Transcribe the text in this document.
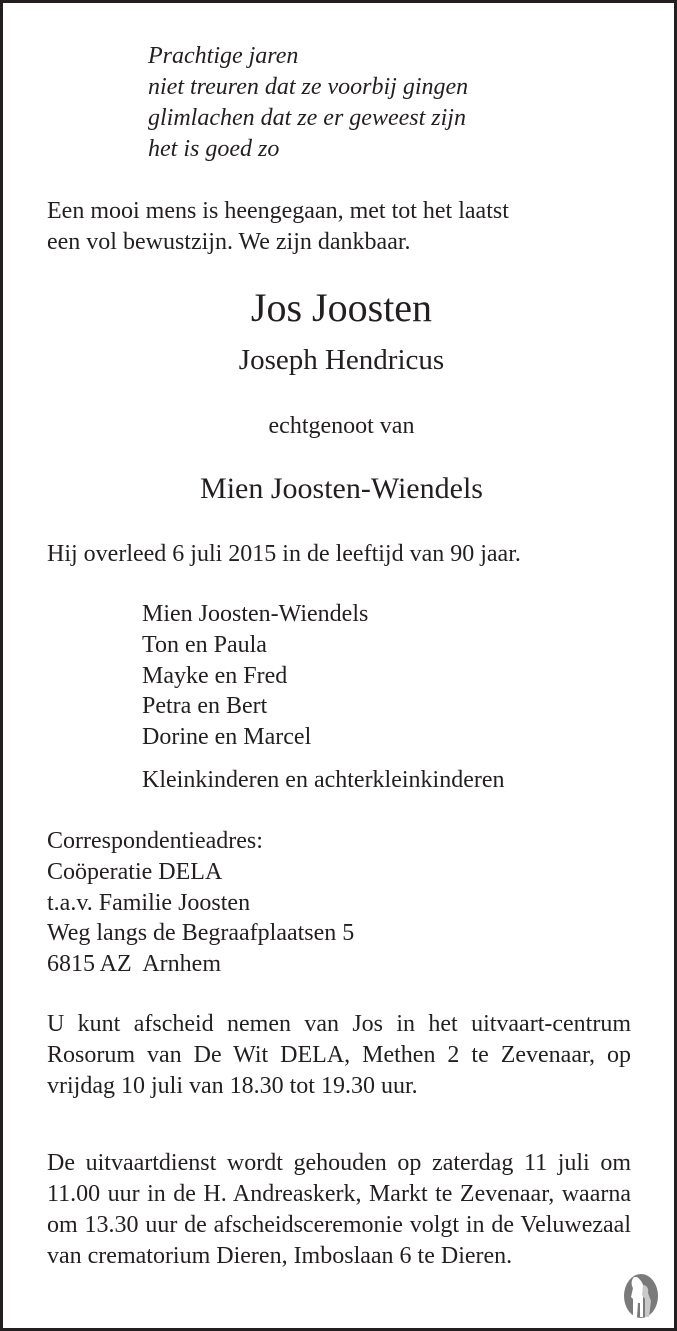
Prachtige jaren
niet treuren dat ze voorbij gingen
glimlachen dat ze er geweest zijn
het is goed zo
Een mooi mens is heengegaan, met tot het laatst
een vol bewustzijn. We zijn dankbaar.
Jos Joosten
Joseph Hendricus
echtgenoot van
Mien Joosten-Wiendels
Hij overleed 6 juli 2015 in de leeftijd van 90 jaar.
Mien Joosten-Wiendels
Ton en Paula
Mayke en Fred
Petra en Bert
Dorine en Marcel
Kleinkinderen en achterkleinkinderen
Correspondentieadres:
Coöperatie DELA
t.a.v. Familie Joosten
Weg langs de Begraafplaatsen 5
6815 AZ  Arnhem
U kunt afscheid nemen van Jos in het uitvaart-centrum Rosorum van De Wit DELA, Methen 2 te Zevenaar, op vrijdag 10 juli van 18.30 tot 19.30 uur.
De uitvaartdienst wordt gehouden op zaterdag 11 juli om 11.00 uur in de H. Andreaskerk, Markt te Zevenaar, waarna om 13.30 uur de afscheidsceremonie volgt in de Veluwezaal van crematorium Dieren, Imboslaan 6 te Dieren.
